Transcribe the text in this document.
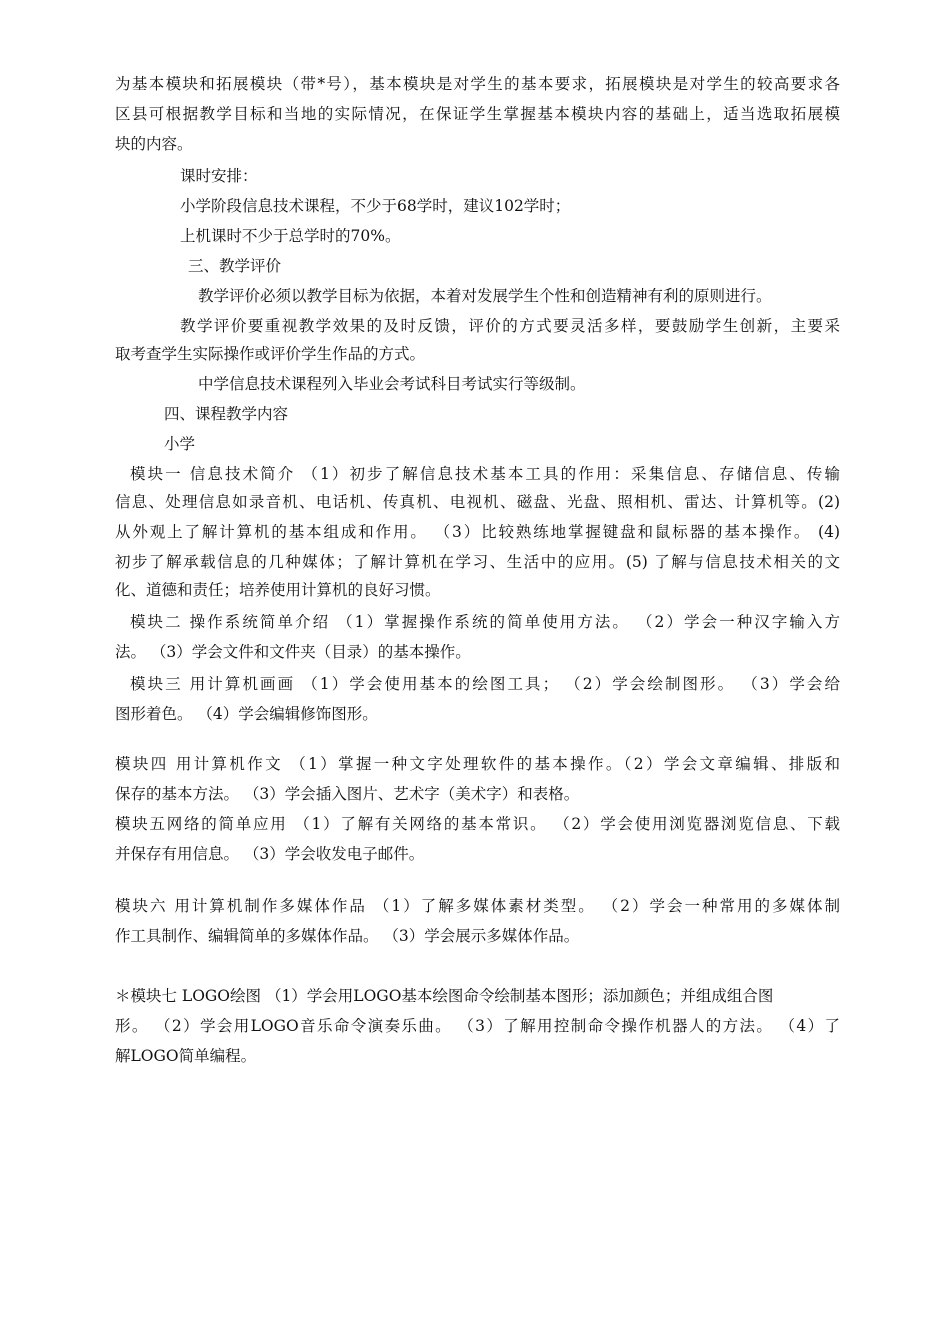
为基本模块和拓展模块（带*号），基本模块是对学生的基本要求，拓展模块是对学生的较高要求各
区县可根据教学目标和当地的实际情况，在保证学生掌握基本模块内容的基础上，适当选取拓展模
块的内容。
课时安排：
小学阶段信息技术课程，不少于68学时，建议102学时；
上机课时不少于总学时的70%。
三、教学评价
教学评价必须以教学目标为依据，本着对发展学生个性和创造精神有利的原则进行。
教学评价要重视教学效果的及时反馈，评价的方式要灵活多样，要鼓励学生创新，主要采
取考查学生实际操作或评价学生作品的方式。
中学信息技术课程列入毕业会考试科目考试实行等级制。
四、课程教学内容
小学
模块一 信息技术简介 （1）初步了解信息技术基本工具的作用：采集信息、存储信息、传输
信息、处理信息如录音机、电话机、传真机、电视机、磁盘、光盘、照相机、雷达、计算机等。(2)
从外观上了解计算机的基本组成和作用。 （3）比较熟练地掌握键盘和鼠标器的基本操作。 (4)
初步了解承载信息的几种媒体；了解计算机在学习、生活中的应用。(5) 了解与信息技术相关的文
化、道德和责任；培养使用计算机的良好习惯。
模块二 操作系统简单介绍 （1）掌握操作系统的简单使用方法。 （2）学会一种汉字输入方
法。 （3）学会文件和文件夹（目录）的基本操作。
模块三 用计算机画画 （1）学会使用基本的绘图工具； （2）学会绘制图形。 （3）学会给
图形着色。 （4）学会编辑修饰图形。
模块四 用计算机作文 （1）掌握一种文字处理软件的基本操作。（2）学会文章编辑、排版和
保存的基本方法。 （3）学会插入图片、艺术字（美术字）和表格。
模块五网络的简单应用 （1）了解有关网络的基本常识。 （2）学会使用浏览器浏览信息、下载
并保存有用信息。 （3）学会收发电子邮件。
模块六 用计算机制作多媒体作品 （1）了解多媒体素材类型。 （2）学会一种常用的多媒体制
作工具制作、编辑简单的多媒体作品。 （3）学会展示多媒体作品。
＊模块七 LOGO绘图 （1）学会用LOGO基本绘图命令绘制基本图形；添加颜色；并组成组合图
形。 （2）学会用LOGO音乐命令演奏乐曲。 （3）了解用控制命令操作机器人的方法。 （4）了
解LOGO简单编程。
